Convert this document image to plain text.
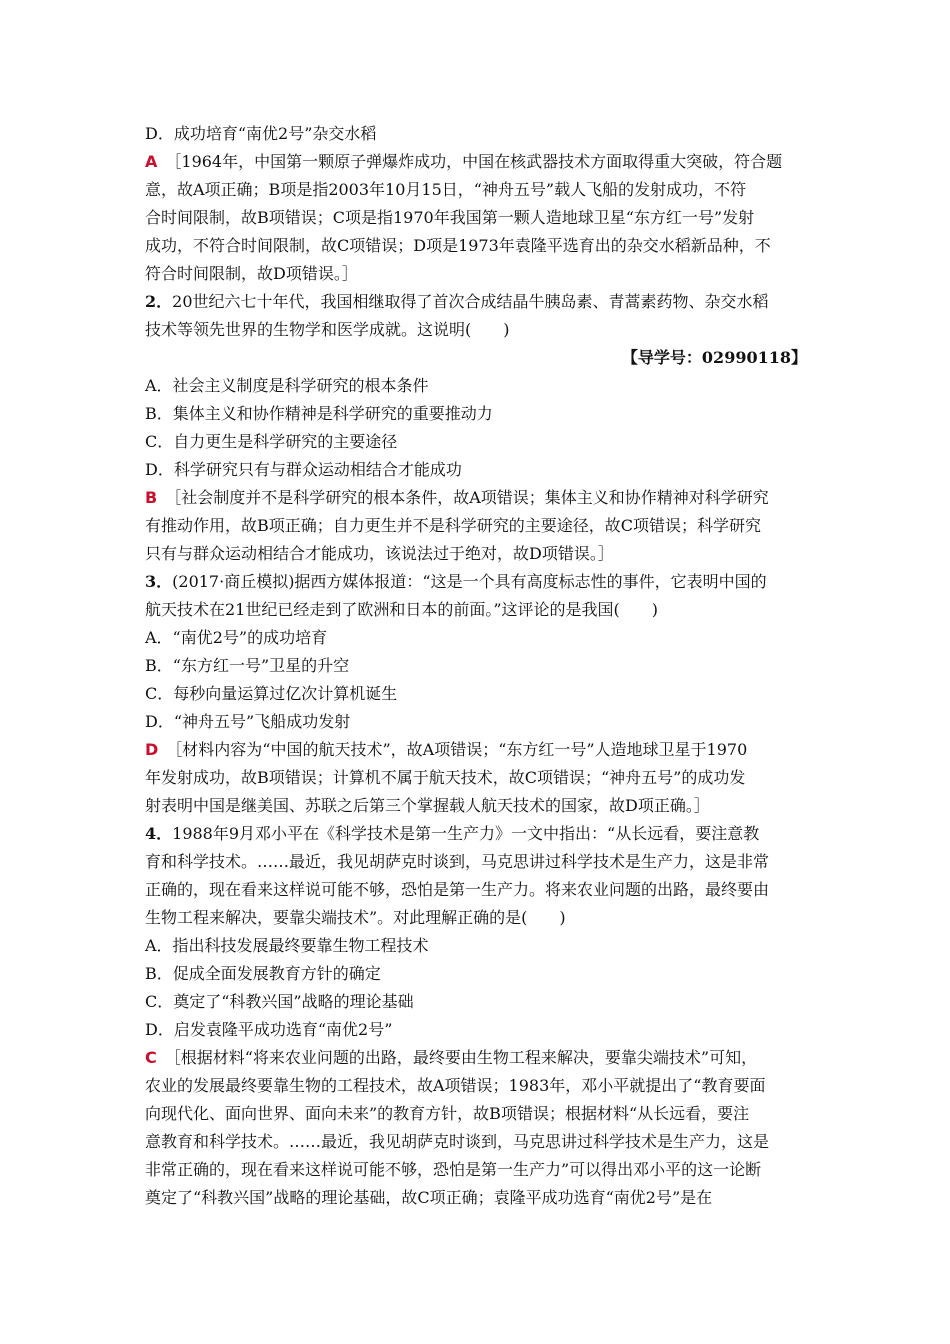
D．成功培育“南优2号”杂交水稻
A ［1964年，中国第一颗原子弹爆炸成功，中国在核武器技术方面取得重大突破，符合题
意，故A项正确；B项是指2003年10月15日，“神舟五号”载人飞船的发射成功，不符
合时间限制，故B项错误；C项是指1970年我国第一颗人造地球卫星“东方红一号”发射
成功，不符合时间限制，故C项错误；D项是1973年袁隆平选育出的杂交水稻新品种，不
符合时间限制，故D项错误。］
2．20世纪六七十年代，我国相继取得了首次合成结晶牛胰岛素、青蒿素药物、杂交水稻
技术等领先世界的生物学和医学成就。这说明(　　)
【导学号：02990118】
A．社会主义制度是科学研究的根本条件
B．集体主义和协作精神是科学研究的重要推动力
C．自力更生是科学研究的主要途径
D．科学研究只有与群众运动相结合才能成功
B ［社会制度并不是科学研究的根本条件，故A项错误；集体主义和协作精神对科学研究
有推动作用，故B项正确；自力更生并不是科学研究的主要途径，故C项错误；科学研究
只有与群众运动相结合才能成功，该说法过于绝对，故D项错误。］
3．(2017·商丘模拟)据西方媒体报道：“这是一个具有高度标志性的事件，它表明中国的
航天技术在21世纪已经走到了欧洲和日本的前面。”这评论的是我国(　　)
A．“南优2号”的成功培育
B．“东方红一号”卫星的升空
C．每秒向量运算过亿次计算机诞生
D．“神舟五号”飞船成功发射
D ［材料内容为“中国的航天技术”，故A项错误；“东方红一号”人造地球卫星于1970
年发射成功，故B项错误；计算机不属于航天技术，故C项错误；“神舟五号”的成功发
射表明中国是继美国、苏联之后第三个掌握载人航天技术的国家，故D项正确。］
4．1988年9月邓小平在《科学技术是第一生产力》一文中指出：“从长远看，要注意教
育和科学技术。……最近，我见胡萨克时谈到，马克思讲过科学技术是生产力，这是非常
正确的，现在看来这样说可能不够，恐怕是第一生产力。将来农业问题的出路，最终要由
生物工程来解决，要靠尖端技术”。对此理解正确的是(　　)
A．指出科技发展最终要靠生物工程技术
B．促成全面发展教育方针的确定
C．奠定了“科教兴国”战略的理论基础
D．启发袁隆平成功选育“南优2号”
C ［根据材料“将来农业问题的出路，最终要由生物工程来解决，要靠尖端技术”可知，
农业的发展最终要靠生物的工程技术，故A项错误；1983年，邓小平就提出了“教育要面
向现代化、面向世界、面向未来”的教育方针，故B项错误；根据材料“从长远看，要注
意教育和科学技术。……最近，我见胡萨克时谈到，马克思讲过科学技术是生产力，这是
非常正确的，现在看来这样说可能不够，恐怕是第一生产力”可以得出邓小平的这一论断
奠定了“科教兴国”战略的理论基础，故C项正确；袁隆平成功选育“南优2号”是在
